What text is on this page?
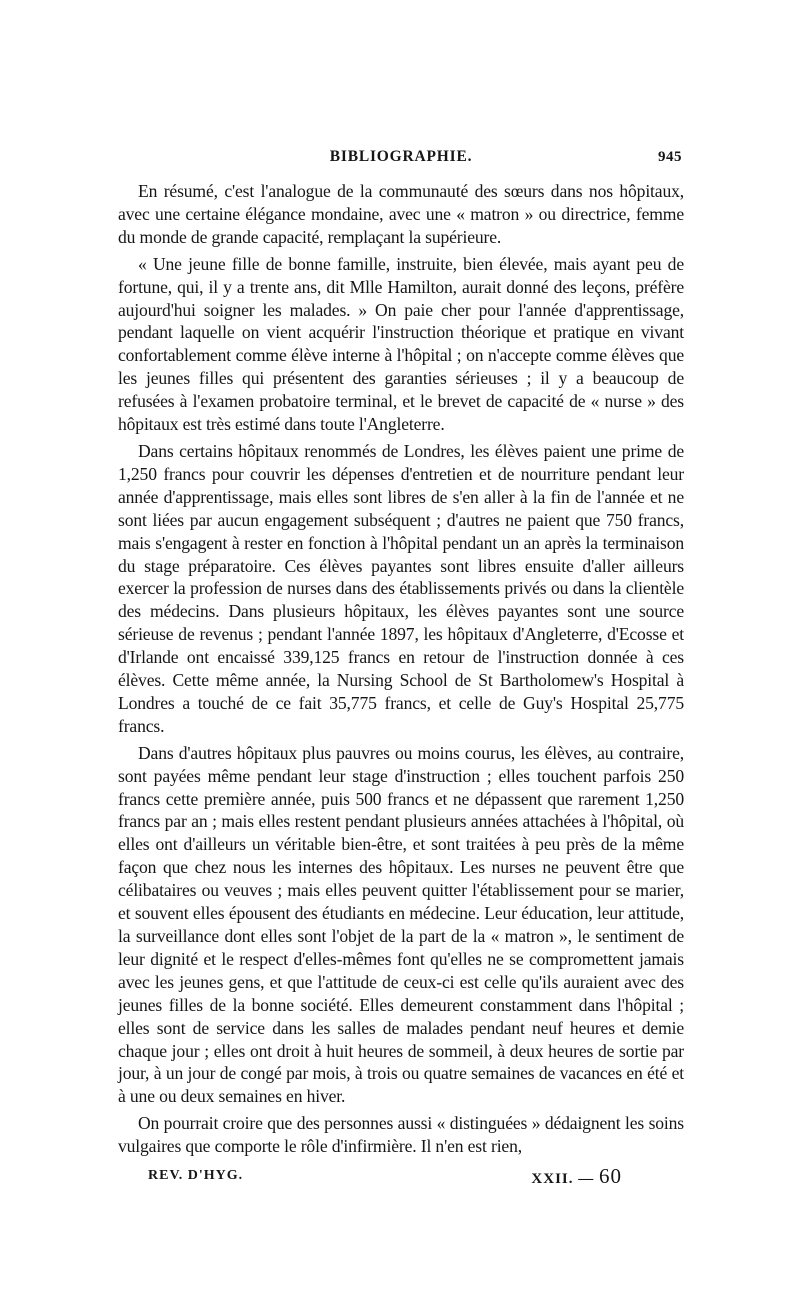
BIBLIOGRAPHIE.	945

En résumé, c'est l'analogue de la communauté des sœurs dans nos hôpitaux, avec une certaine élégance mondaine, avec une « matron » ou directrice, femme du monde de grande capacité, remplaçant la supérieure.

« Une jeune fille de bonne famille, instruite, bien élevée, mais ayant peu de fortune, qui, il y a trente ans, dit Mlle Hamilton, aurait donné des leçons, préfère aujourd'hui soigner les malades. » On paie cher pour l'année d'apprentissage, pendant laquelle on vient acquérir l'instruction théorique et pratique en vivant confortablement comme élève interne à l'hôpital ; on n'accepte comme élèves que les jeunes filles qui présentent des garanties sérieuses ; il y a beaucoup de refusées à l'examen probatoire terminal, et le brevet de capacité de « nurse » des hôpitaux est très estimé dans toute l'Angleterre.

Dans certains hôpitaux renommés de Londres, les élèves paient une prime de 1,250 francs pour couvrir les dépenses d'entretien et de nourriture pendant leur année d'apprentissage, mais elles sont libres de s'en aller à la fin de l'année et ne sont liées par aucun engagement subséquent ; d'autres ne paient que 750 francs, mais s'engagent à rester en fonction à l'hôpital pendant un an après la terminaison du stage préparatoire. Ces élèves payantes sont libres ensuite d'aller ailleurs exercer la profession de nurses dans des établissements privés ou dans la clientèle des médecins. Dans plusieurs hôpitaux, les élèves payantes sont une source sérieuse de revenus ; pendant l'année 1897, les hôpitaux d'Angleterre, d'Ecosse et d'Irlande ont encaissé 339,125 francs en retour de l'instruction donnée à ces élèves. Cette même année, la Nursing School de St Bartholomew's Hospital à Londres a touché de ce fait 35,775 francs, et celle de Guy's Hospital 25,775 francs.

Dans d'autres hôpitaux plus pauvres ou moins courus, les élèves, au contraire, sont payées même pendant leur stage d'instruction ; elles touchent parfois 250 francs cette première année, puis 500 francs et ne dépassent que rarement 1,250 francs par an ; mais elles restent pendant plusieurs années attachées à l'hôpital, où elles ont d'ailleurs un véritable bien-être, et sont traitées à peu près de la même façon que chez nous les internes des hôpitaux. Les nurses ne peuvent être que célibataires ou veuves ; mais elles peuvent quitter l'établissement pour se marier, et souvent elles épousent des étudiants en médecine. Leur éducation, leur attitude, la surveillance dont elles sont l'objet de la part de la « matron », le sentiment de leur dignité et le respect d'elles-mêmes font qu'elles ne se compromettent jamais avec les jeunes gens, et que l'attitude de ceux-ci est celle qu'ils auraient avec des jeunes filles de la bonne société. Elles demeurent constamment dans l'hôpital ; elles sont de service dans les salles de malades pendant neuf heures et demie chaque jour ; elles ont droit à huit heures de sommeil, à deux heures de sortie par jour, à un jour de congé par mois, à trois ou quatre semaines de vacances en été et à une ou deux semaines en hiver.

On pourrait croire que des personnes aussi « distinguées » dédaignent les soins vulgaires que comporte le rôle d'infirmière. Il n'en est rien,

REV. D'HYG.	XXII. — 60
